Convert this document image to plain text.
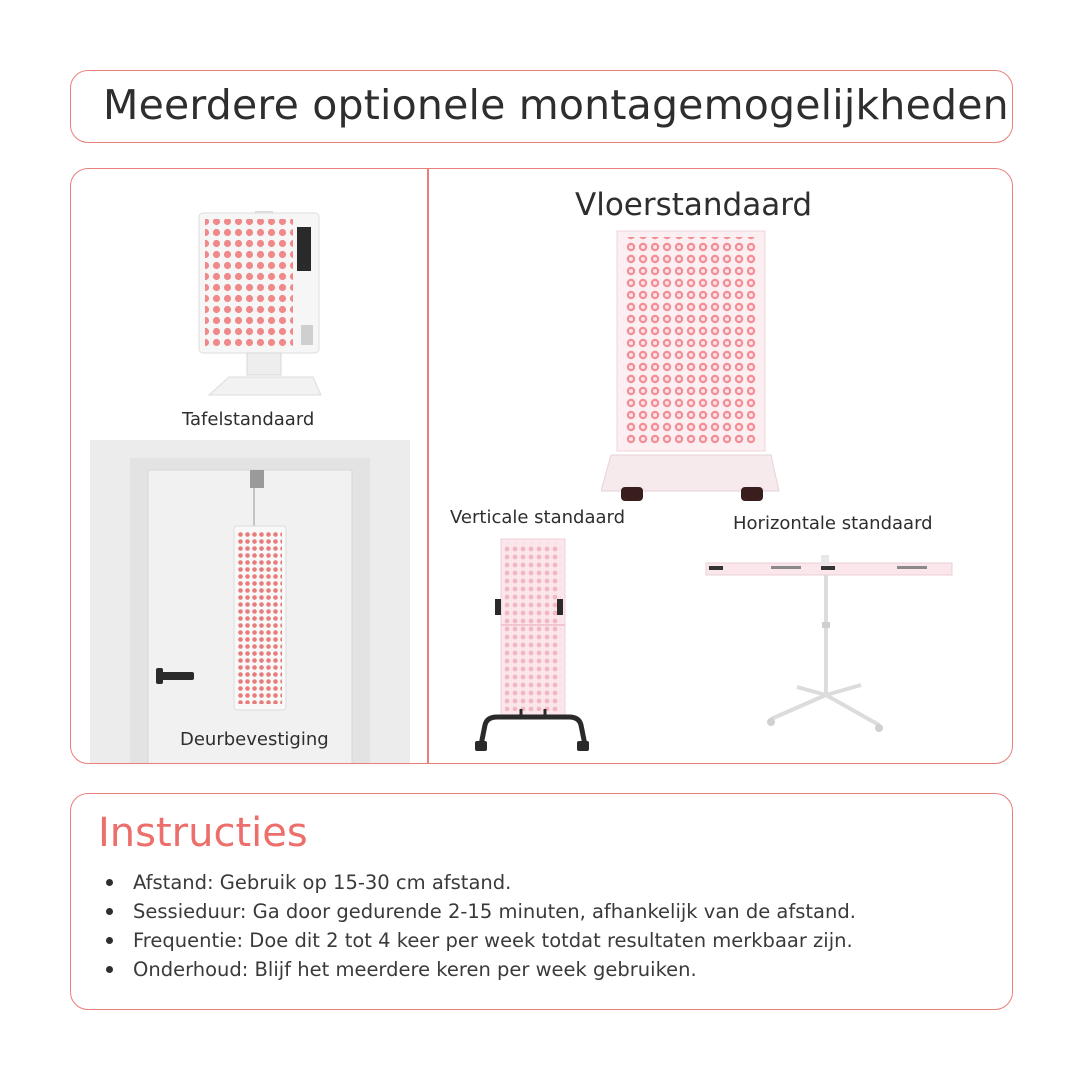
Meerdere optionele montagemogelijkheden
Tafelstandaard
Deurbevestiging
Vloerstandaard
Verticale standaard	Horizontale standaard
Instructies
Afstand: Gebruik op 15-30 cm afstand.
Sessieduur: Ga door gedurende 2-15 minuten, afhankelijk van de afstand.
Frequentie: Doe dit 2 tot 4 keer per week totdat resultaten merkbaar zijn.
Onderhoud: Blijf het meerdere keren per week gebruiken.
